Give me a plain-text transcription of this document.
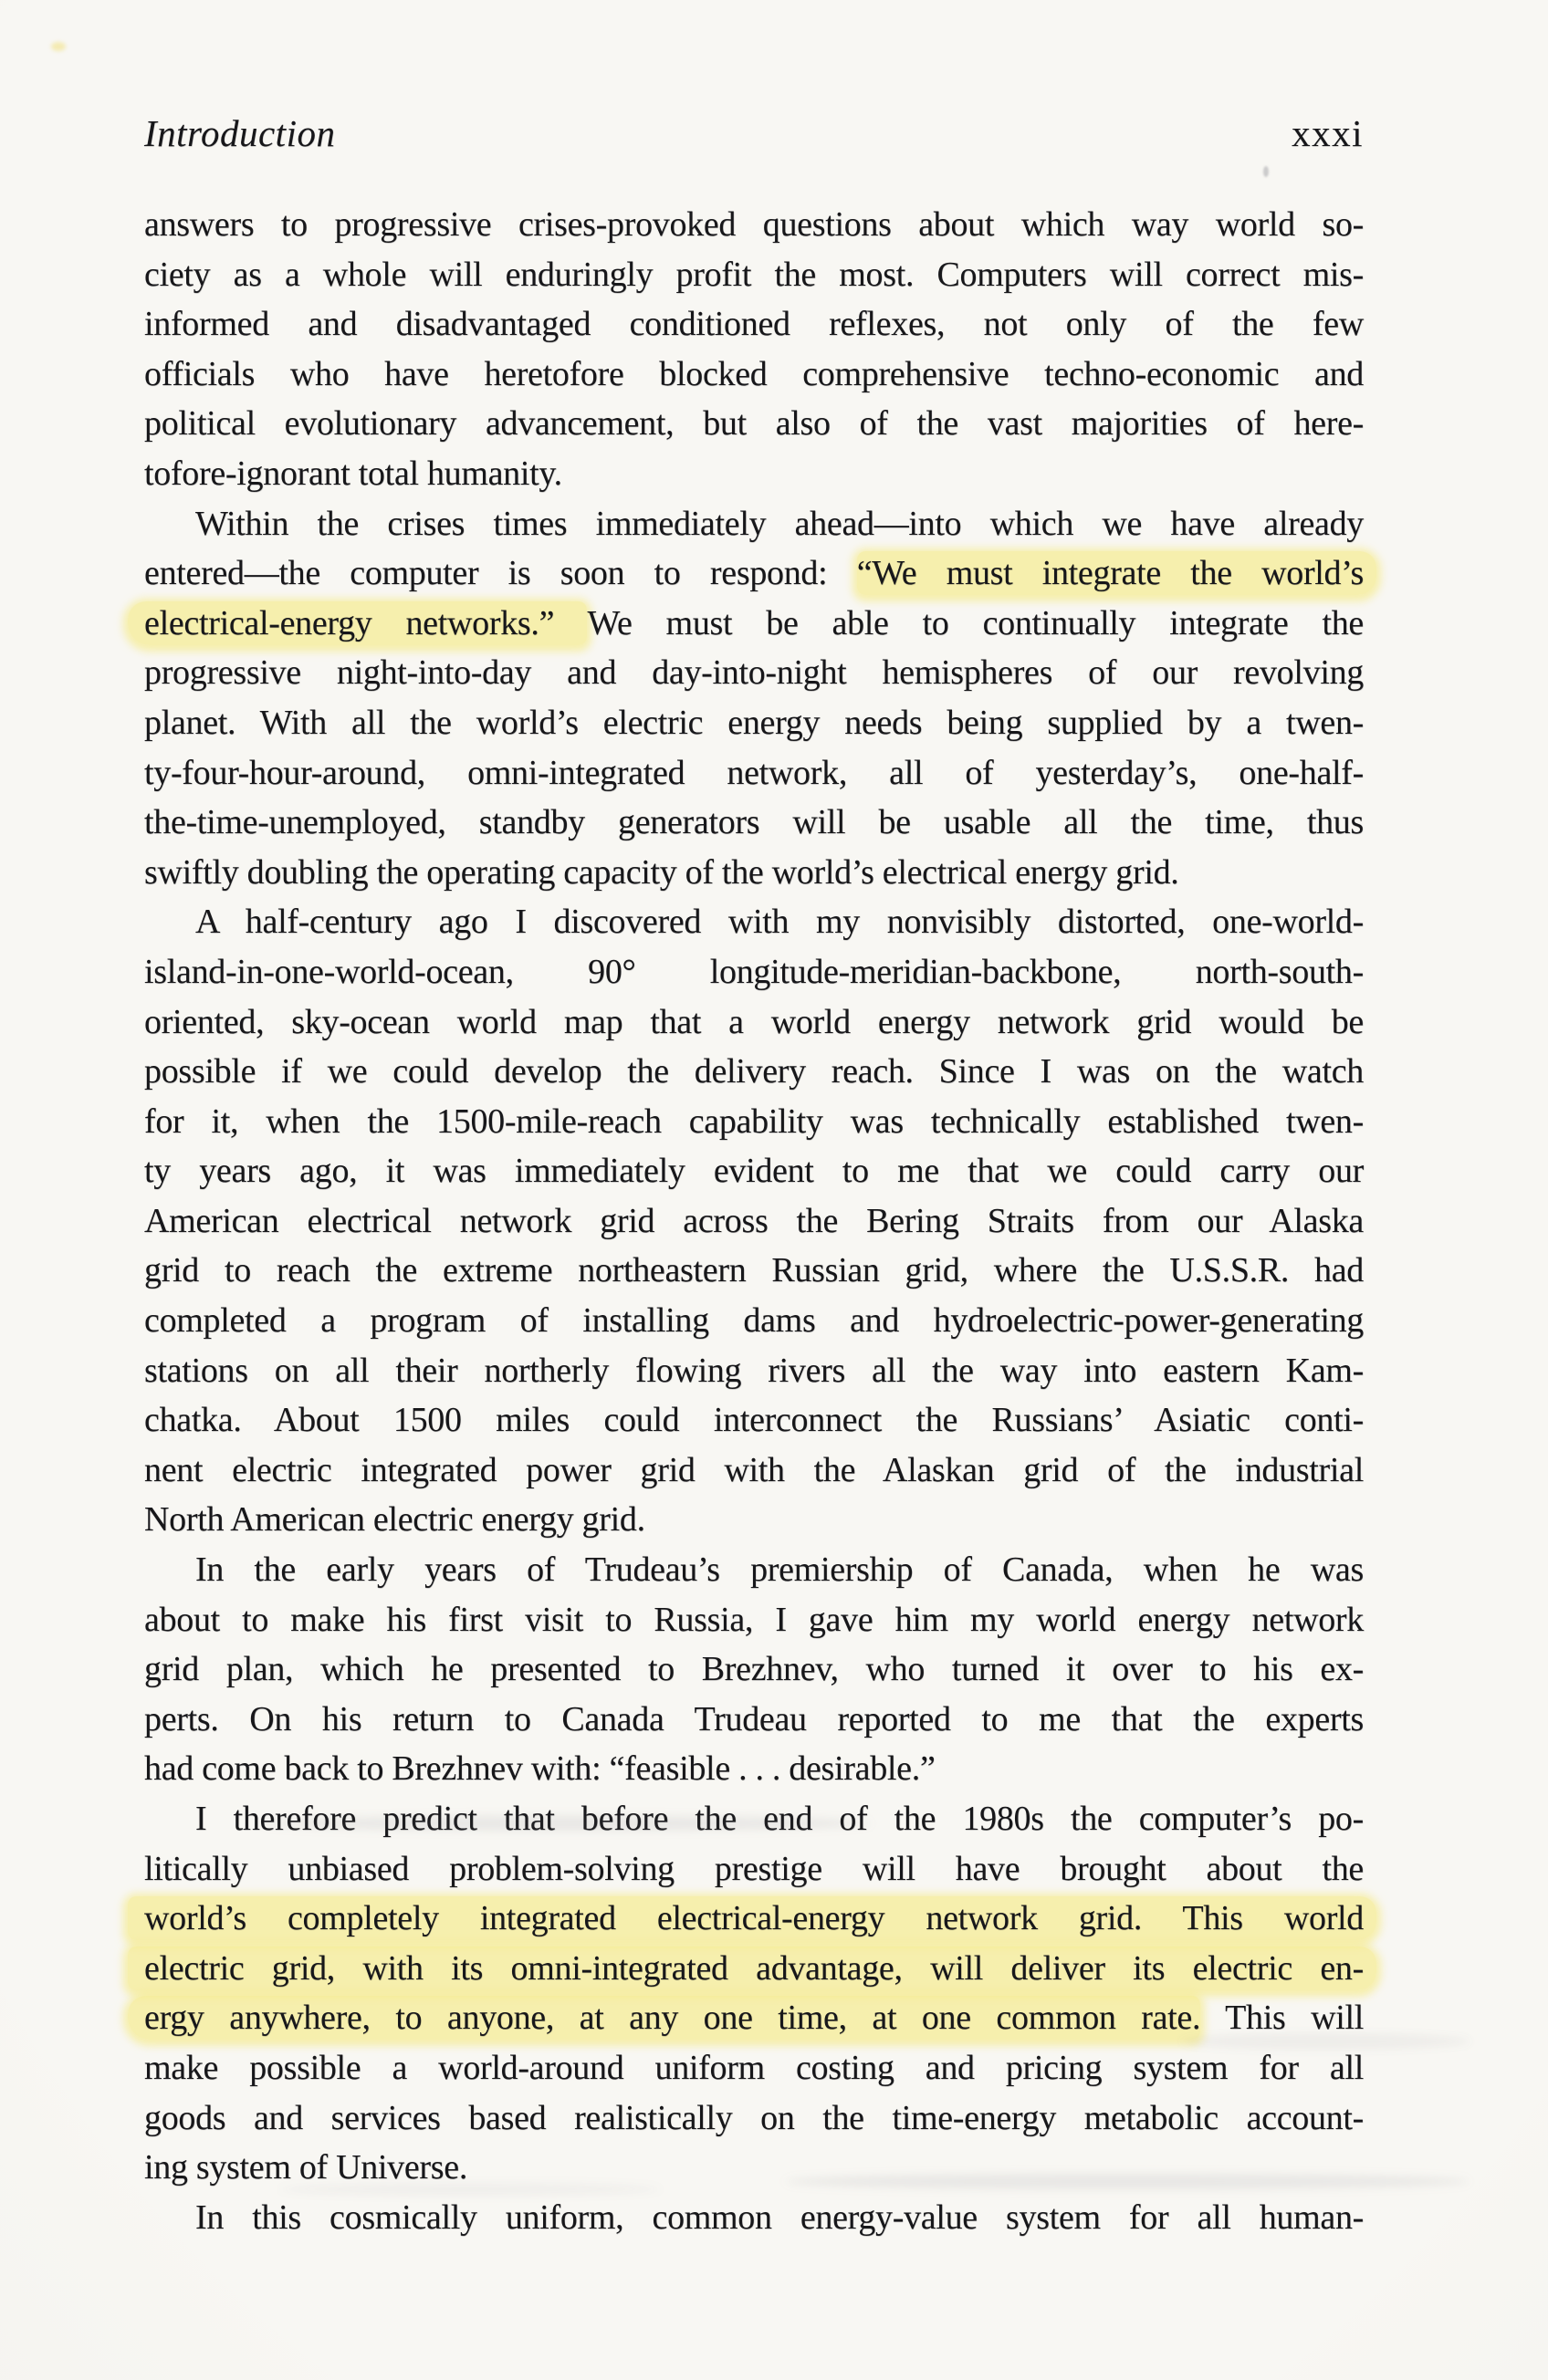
Introduction	xxxi
answers to progressive crises-provoked questions about which way world so-
ciety as a whole will enduringly profit the most. Computers will correct mis-
informed and disadvantaged conditioned reflexes, not only of the few
officials who have heretofore blocked comprehensive techno-economic and
political evolutionary advancement, but also of the vast majorities of here-
tofore-ignorant total humanity.
Within the crises times immediately ahead—into which we have already
entered—the computer is soon to respond: “We must integrate the world’s
electrical-energy networks.” We must be able to continually integrate the
progressive night-into-day and day-into-night hemispheres of our revolving
planet. With all the world’s electric energy needs being supplied by a twen-
ty-four-hour-around, omni-integrated network, all of yesterday’s, one-half-
the-time-unemployed, standby generators will be usable all the time, thus
swiftly doubling the operating capacity of the world’s electrical energy grid.
A half-century ago I discovered with my nonvisibly distorted, one-world-
island-in-one-world-ocean, 90° longitude-meridian-backbone, north-south-
oriented, sky-ocean world map that a world energy network grid would be
possible if we could develop the delivery reach. Since I was on the watch
for it, when the 1500-mile-reach capability was technically established twen-
ty years ago, it was immediately evident to me that we could carry our
American electrical network grid across the Bering Straits from our Alaska
grid to reach the extreme northeastern Russian grid, where the U.S.S.R. had
completed a program of installing dams and hydroelectric-power-generating
stations on all their northerly flowing rivers all the way into eastern Kam-
chatka. About 1500 miles could interconnect the Russians’ Asiatic conti-
nent electric integrated power grid with the Alaskan grid of the industrial
North American electric energy grid.
In the early years of Trudeau’s premiership of Canada, when he was
about to make his first visit to Russia, I gave him my world energy network
grid plan, which he presented to Brezhnev, who turned it over to his ex-
perts. On his return to Canada Trudeau reported to me that the experts
had come back to Brezhnev with: “feasible . . . desirable.”
I therefore predict that before the end of the 1980s the computer’s po-
litically unbiased problem-solving prestige will have brought about the
world’s completely integrated electrical-energy network grid. This world
electric grid, with its omni-integrated advantage, will deliver its electric en-
ergy anywhere, to anyone, at any one time, at one common rate. This will
make possible a world-around uniform costing and pricing system for all
goods and services based realistically on the time-energy metabolic account-
ing system of Universe.
In this cosmically uniform, common energy-value system for all human-
